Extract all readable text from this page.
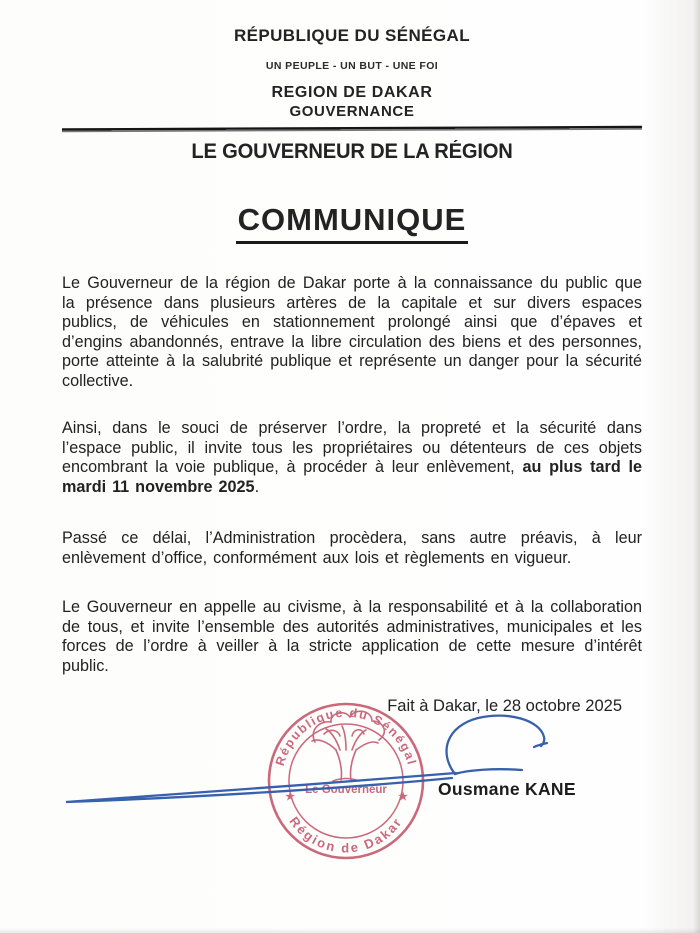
RÉPUBLIQUE DU SÉNÉGAL
UN PEUPLE - UN BUT - UNE FOI
REGION DE DAKAR
GOUVERNANCE
LE GOUVERNEUR DE LA RÉGION
COMMUNIQUE

Le Gouverneur de la région de Dakar porte à la connaissance du public que la présence dans plusieurs artères de la capitale et sur divers espaces publics, de véhicules en stationnement prolongé ainsi que d’épaves et d’engins abandonnés, entrave la libre circulation des biens et des personnes, porte atteinte à la salubrité publique et représente un danger pour la sécurité collective.

Ainsi, dans le souci de préserver l’ordre, la propreté et la sécurité dans l’espace public, il invite tous les propriétaires ou détenteurs de ces objets encombrant la voie publique, à procéder à leur enlèvement, au plus tard le mardi 11 novembre 2025.

Passé ce délai, l’Administration procèdera, sans autre préavis, à leur enlèvement d’office, conformément aux lois et règlements en vigueur.

Le Gouverneur en appelle au civisme, à la responsabilité et à la collaboration de tous, et invite l’ensemble des autorités administratives, municipales et les forces de l’ordre à veiller à la stricte application de cette mesure d’intérêt public.

Fait à Dakar, le 28 octobre 2025
République du Sénégal
Région de Dakar
Le Gouverneur
★	★ Ousmane KANE
